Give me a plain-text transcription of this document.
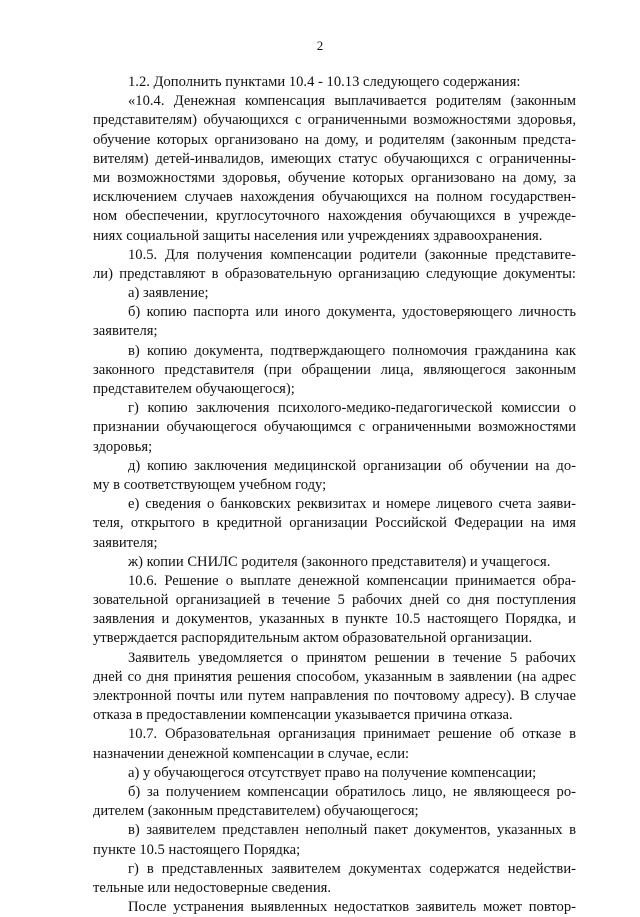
2
1.2. Дополнить пунктами 10.4 - 10.13 следующего содержания:
«10.4. Денежная компенсация выплачивается родителям (законным
представителям) обучающихся с ограниченными возможностями здоровья,
обучение которых организовано на дому, и родителям (законным предста-
вителям) детей-инвалидов, имеющих статус обучающихся с ограниченны-
ми возможностями здоровья, обучение которых организовано на дому, за
исключением случаев нахождения обучающихся на полном государствен-
ном обеспечении, круглосуточного нахождения обучающихся в учрежде-
ниях социальной защиты населения или учреждениях здравоохранения.
10.5. Для получения компенсации родители (законные представите-
ли) представляют в образовательную организацию следующие документы:
а) заявление;
б) копию паспорта или иного документа, удостоверяющего личность
заявителя;
в) копию документа, подтверждающего полномочия гражданина как
законного представителя (при обращении лица, являющегося законным
представителем обучающегося);
г) копию заключения психолого-медико-педагогической комиссии о
признании обучающегося обучающимся с ограниченными возможностями
здоровья;
д) копию заключения медицинской организации об обучении на до-
му в соответствующем учебном году;
е) сведения о банковских реквизитах и номере лицевого счета заяви-
теля, открытого в кредитной организации Российской Федерации на имя
заявителя;
ж) копии СНИЛС родителя (законного представителя) и учащегося.
10.6. Решение о выплате денежной компенсации принимается обра-
зовательной организацией в течение 5 рабочих дней со дня поступления
заявления и документов, указанных в пункте 10.5 настоящего Порядка, и
утверждается распорядительным актом образовательной организации.
Заявитель уведомляется о принятом решении в течение 5 рабочих
дней со дня принятия решения способом, указанным в заявлении (на адрес
электронной почты или путем направления по почтовому адресу). В случае
отказа в предоставлении компенсации указывается причина отказа.
10.7. Образовательная организация принимает решение об отказе в
назначении денежной компенсации в случае, если:
а) у обучающегося отсутствует право на получение компенсации;
б) за получением компенсации обратилось лицо, не являющееся ро-
дителем (законным представителем) обучающегося;
в) заявителем представлен неполный пакет документов, указанных в
пункте 10.5 настоящего Порядка;
г) в представленных заявителем документах содержатся недействи-
тельные или недостоверные сведения.
После устранения выявленных недостатков заявитель может повтор-
